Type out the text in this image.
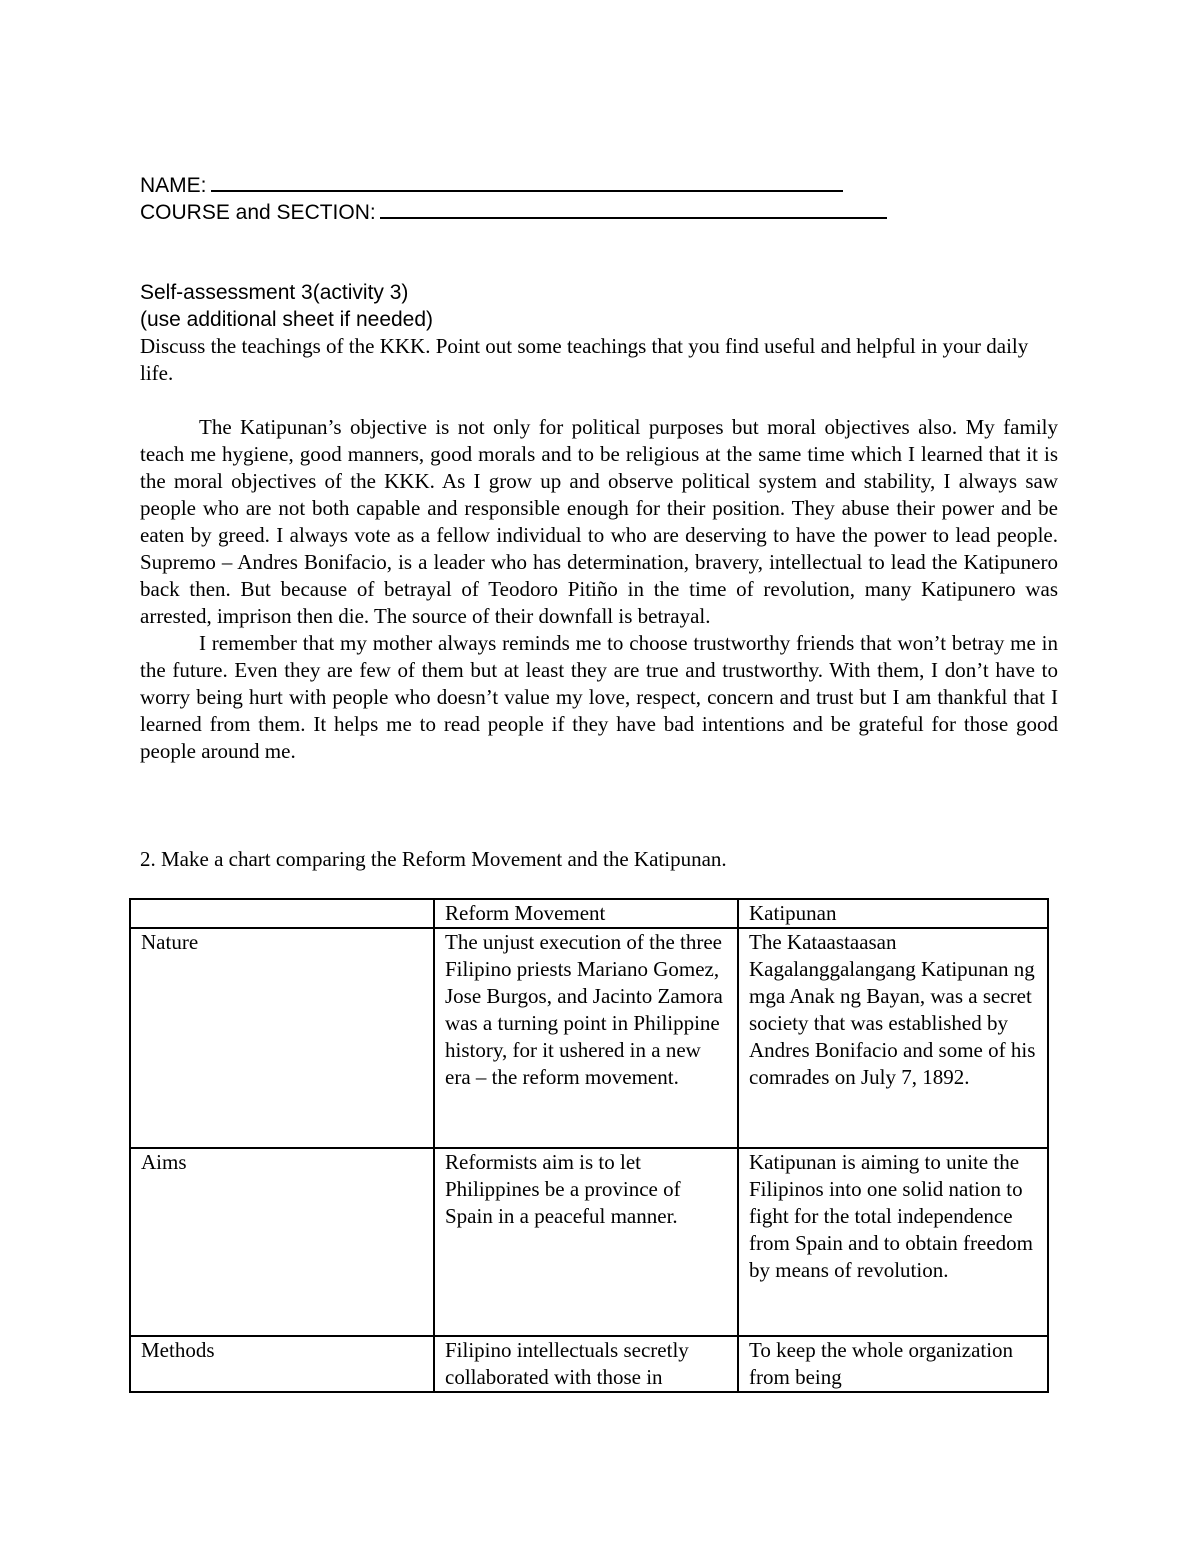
NAME:
COURSE and SECTION:
Self-assessment 3(activity 3)
(use additional sheet if needed)
Discuss the teachings of the KKK. Point out some teachings that you find useful and helpful in your daily life.

The Katipunan’s objective is not only for political purposes but moral objectives also. My family teach me hygiene, good manners, good morals and to be religious at the same time which I learned that it is the moral objectives of the KKK. As I grow up and observe political system and stability, I always saw people who are not both capable and responsible enough for their position. They abuse their power and be eaten by greed. I always vote as a fellow individual to who are deserving to have the power to lead people. Supremo – Andres Bonifacio, is a leader who has determination, bravery, intellectual to lead the Katipunero back then. But because of betrayal of Teodoro Pitiño in the time of revolution, many Katipunero was arrested, imprison then die. The source of their downfall is betrayal.

I remember that my mother always reminds me to choose trustworthy friends that won’t betray me in the future. Even they are few of them but at least they are true and trustworthy. With them, I don’t have to worry being hurt with people who doesn’t value my love, respect, concern and trust but I am thankful that I learned from them. It helps me to read people if they have bad intentions and be grateful for those good people around me.

2. Make a chart comparing the Reform Movement and the Katipunan.
	Reform Movement	Katipunan
Nature	The unjust execution of the three Filipino priests Mariano Gomez, Jose Burgos, and Jacinto Zamora was a turning point in Philippine history, for it ushered in a new era – the reform movement.	The Kataastaasan Kagalanggalangang Katipunan ng mga Anak ng Bayan, was a secret society that was established by Andres Bonifacio and some of his comrades on July 7, 1892.
Aims	Reformists aim is to let Philippines be a province of Spain in a peaceful manner.	Katipunan is aiming to unite the Filipinos into one solid nation to fight for the total independence from Spain and to obtain freedom by means of revolution.

Methods	Filipino intellectuals secretly collaborated with those in	To keep the whole organization from being
